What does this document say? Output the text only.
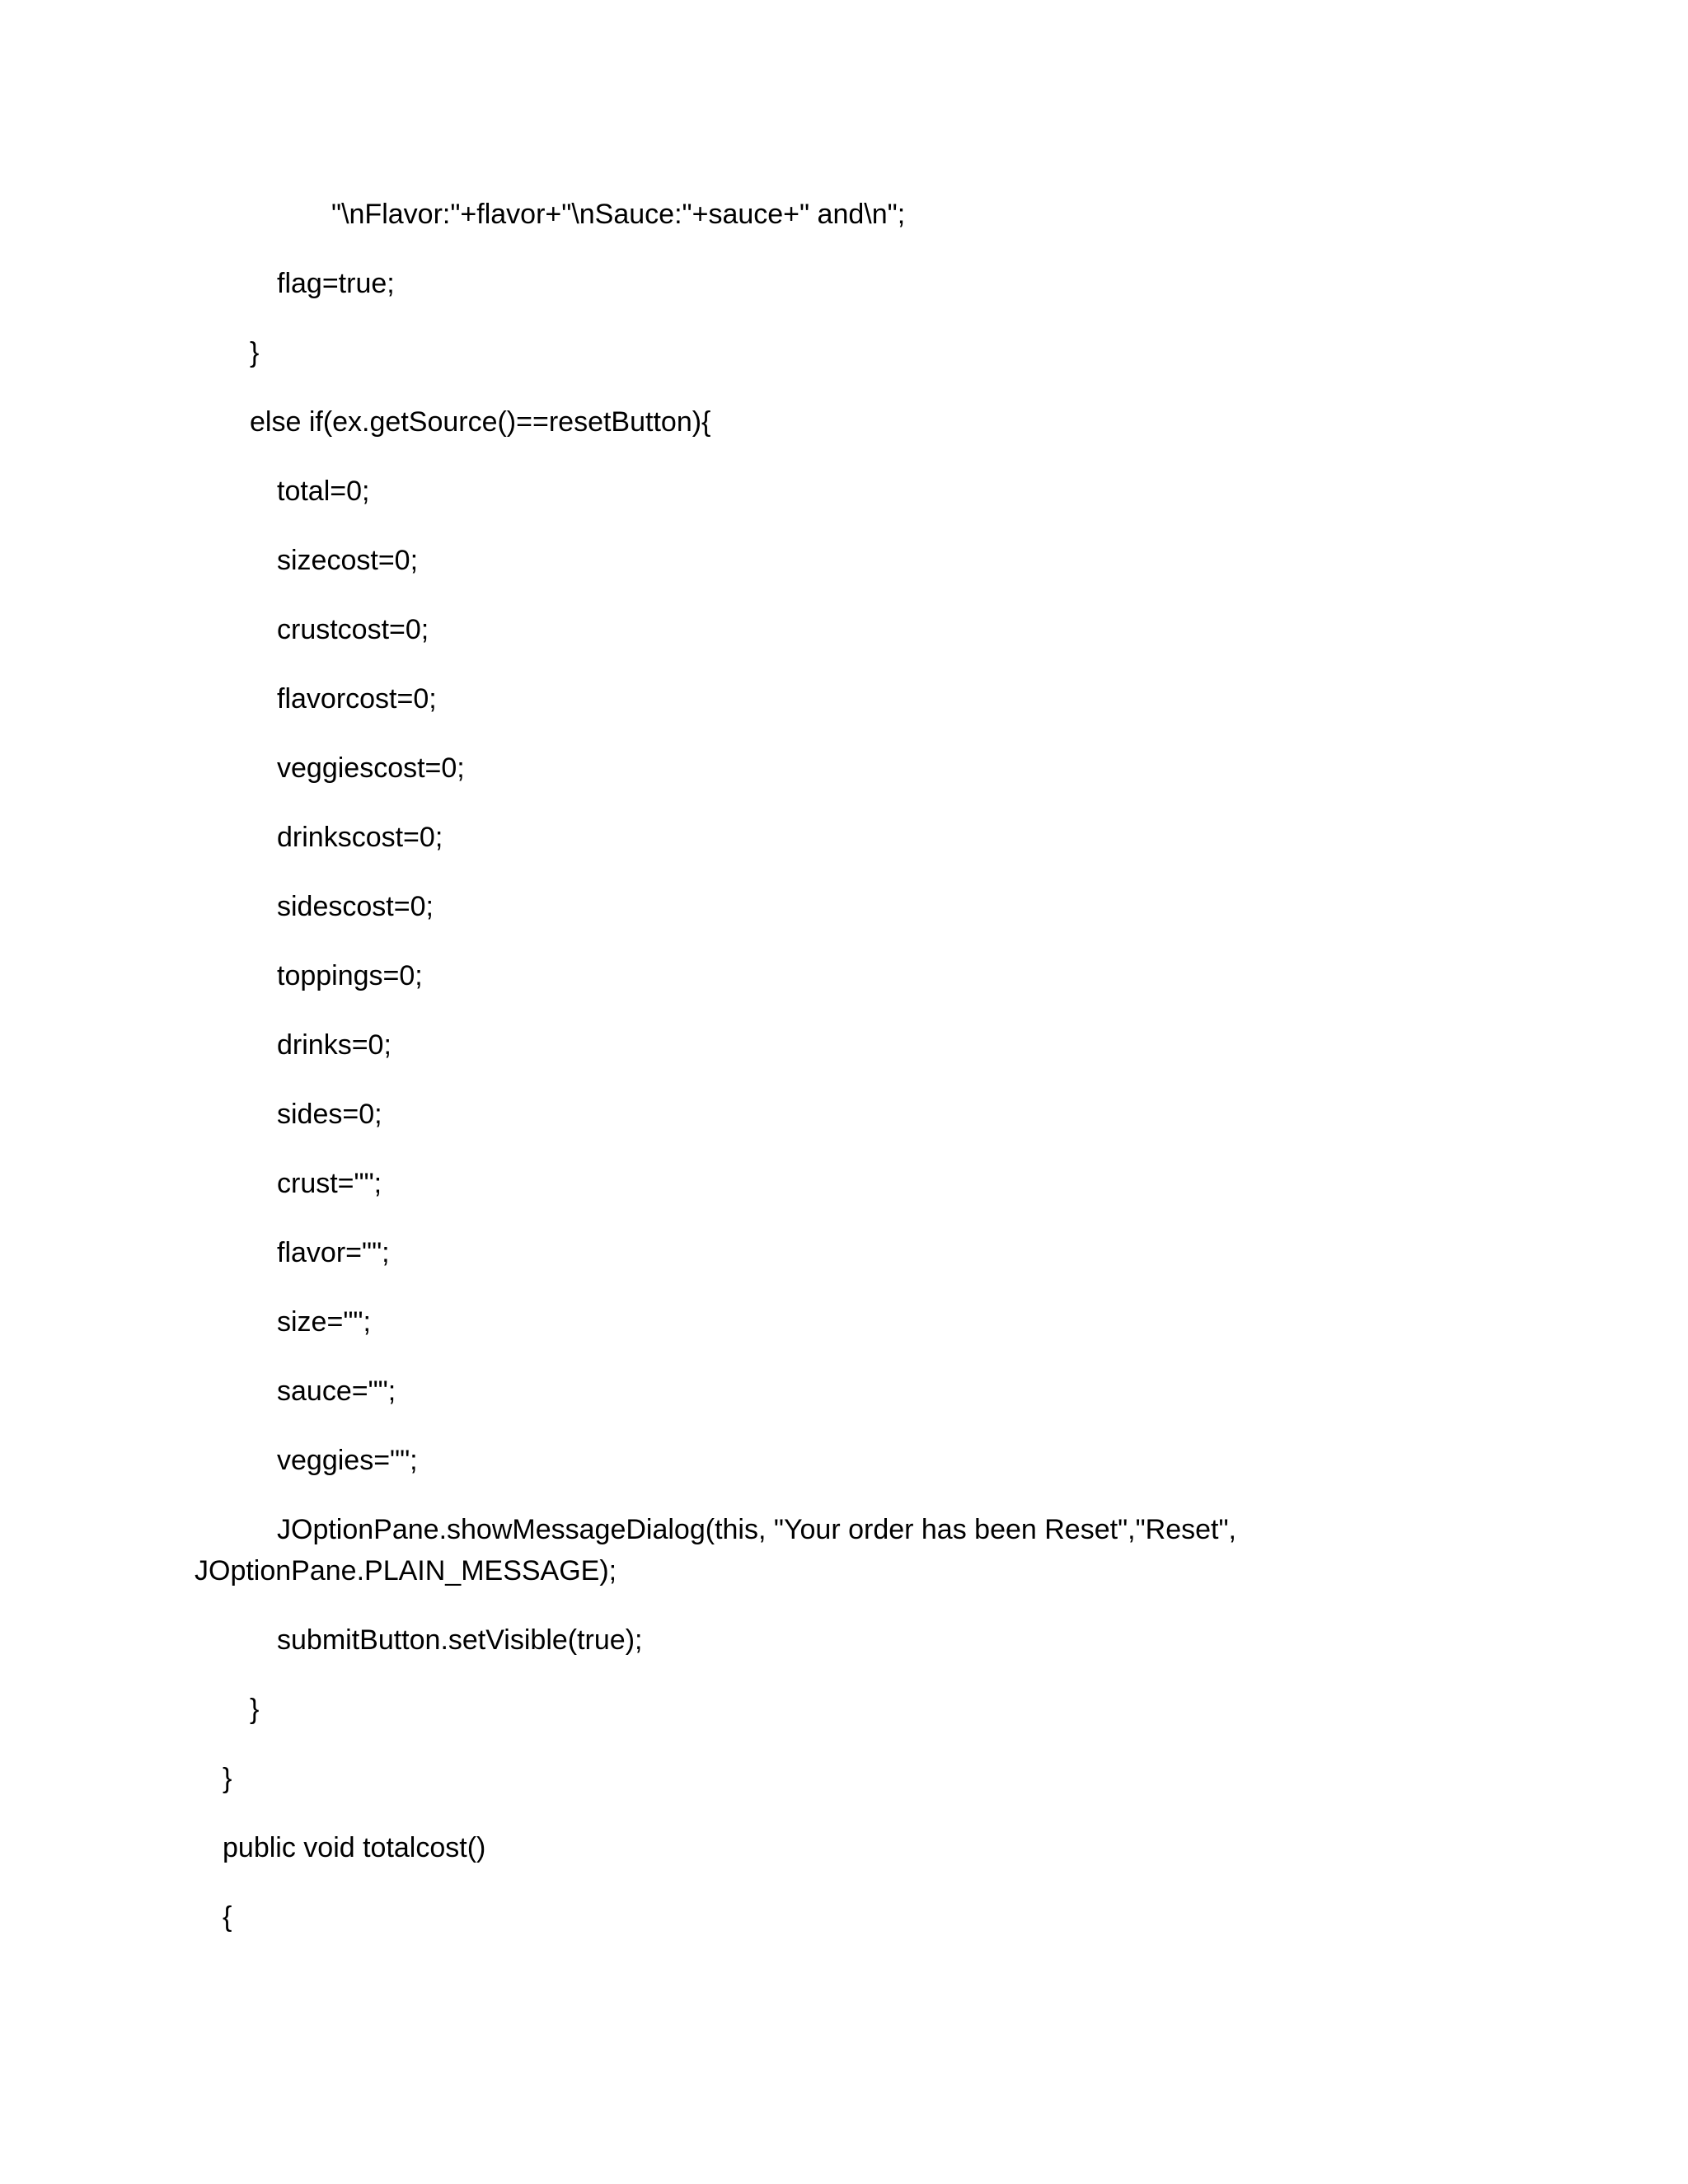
"\nFlavor:"+flavor+"\nSauce:"+sauce+" and\n";
flag=true;
}
else if(ex.getSource()==resetButton){
total=0;
sizecost=0;
crustcost=0;
flavorcost=0;
veggiescost=0;
drinkscost=0;
sidescost=0;
toppings=0;
drinks=0;
sides=0;
crust="";
flavor="";
size="";
sauce="";
veggies="";
JOptionPane.showMessageDialog(this, "Your order has been Reset","Reset",
JOptionPane.PLAIN_MESSAGE);
submitButton.setVisible(true);
}
}
public void totalcost()
{
